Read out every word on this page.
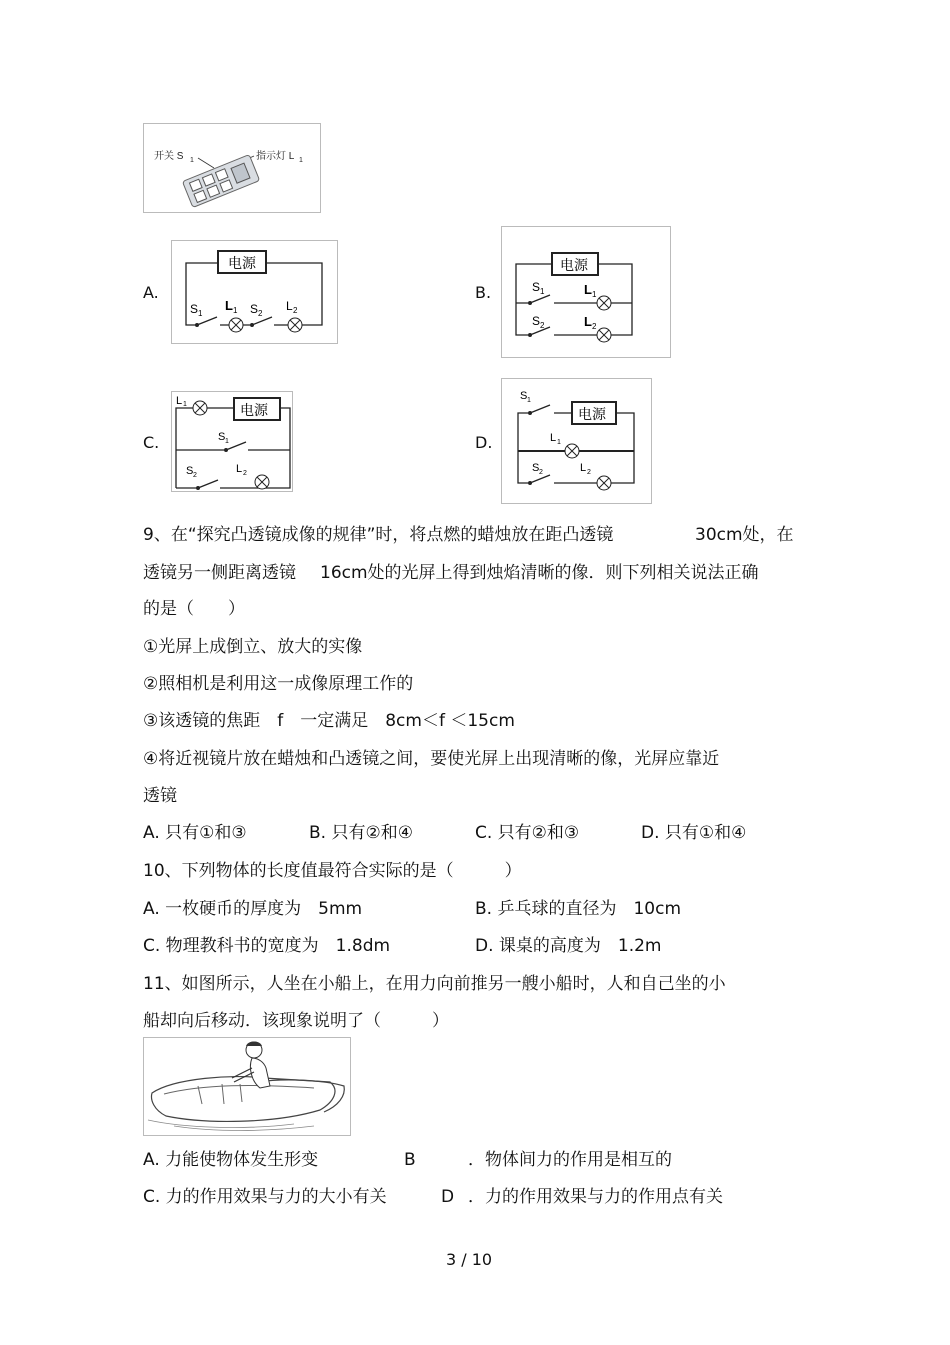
开关 S 1	指示灯 L 1
A.
电源
S 1
L 1 S 2
L 2
B.
电源
S 1	L 1
S 2	L 2
C.
L 1	电源
S 1
S 2
L 2
D.
S 1
电源
L 1
S 2	L 2
9、在“探究凸透镜成像的规律”时，将点燃的蜡烛放在距凸透镜	30cm处，在
透镜另一侧距离透镜 16cm处的光屏上得到烛焰清晰的像．则下列相关说法正确
的是（　　）
①光屏上成倒立、放大的实像
②照相机是利用这一成像原理工作的
③该透镜的焦距　f　一定满足　8cm＜f ＜15cm
④将近视镜片放在蜡烛和凸透镜之间，要使光屏上出现清晰的像，光屏应靠近
透镜
A. 只有①和③	B. 只有②和④	C. 只有②和③	D. 只有①和④
10、下列物体的长度值最符合实际的是（　　　）
A. 一枚硬币的厚度为　5mm	B. 乒乓球的直径为　10cm
C. 物理教科书的宽度为　1.8dm	D. 课桌的高度为　1.2m
11、如图所示，人坐在小船上，在用力向前推另一艘小船时，人和自己坐的小
船却向后移动．该现象说明了（　　　）
A. 力能使物体发生形变	B	．物体间力的作用是相互的
C. 力的作用效果与力的大小有关	D ．力的作用效果与力的作用点有关
3 / 10
